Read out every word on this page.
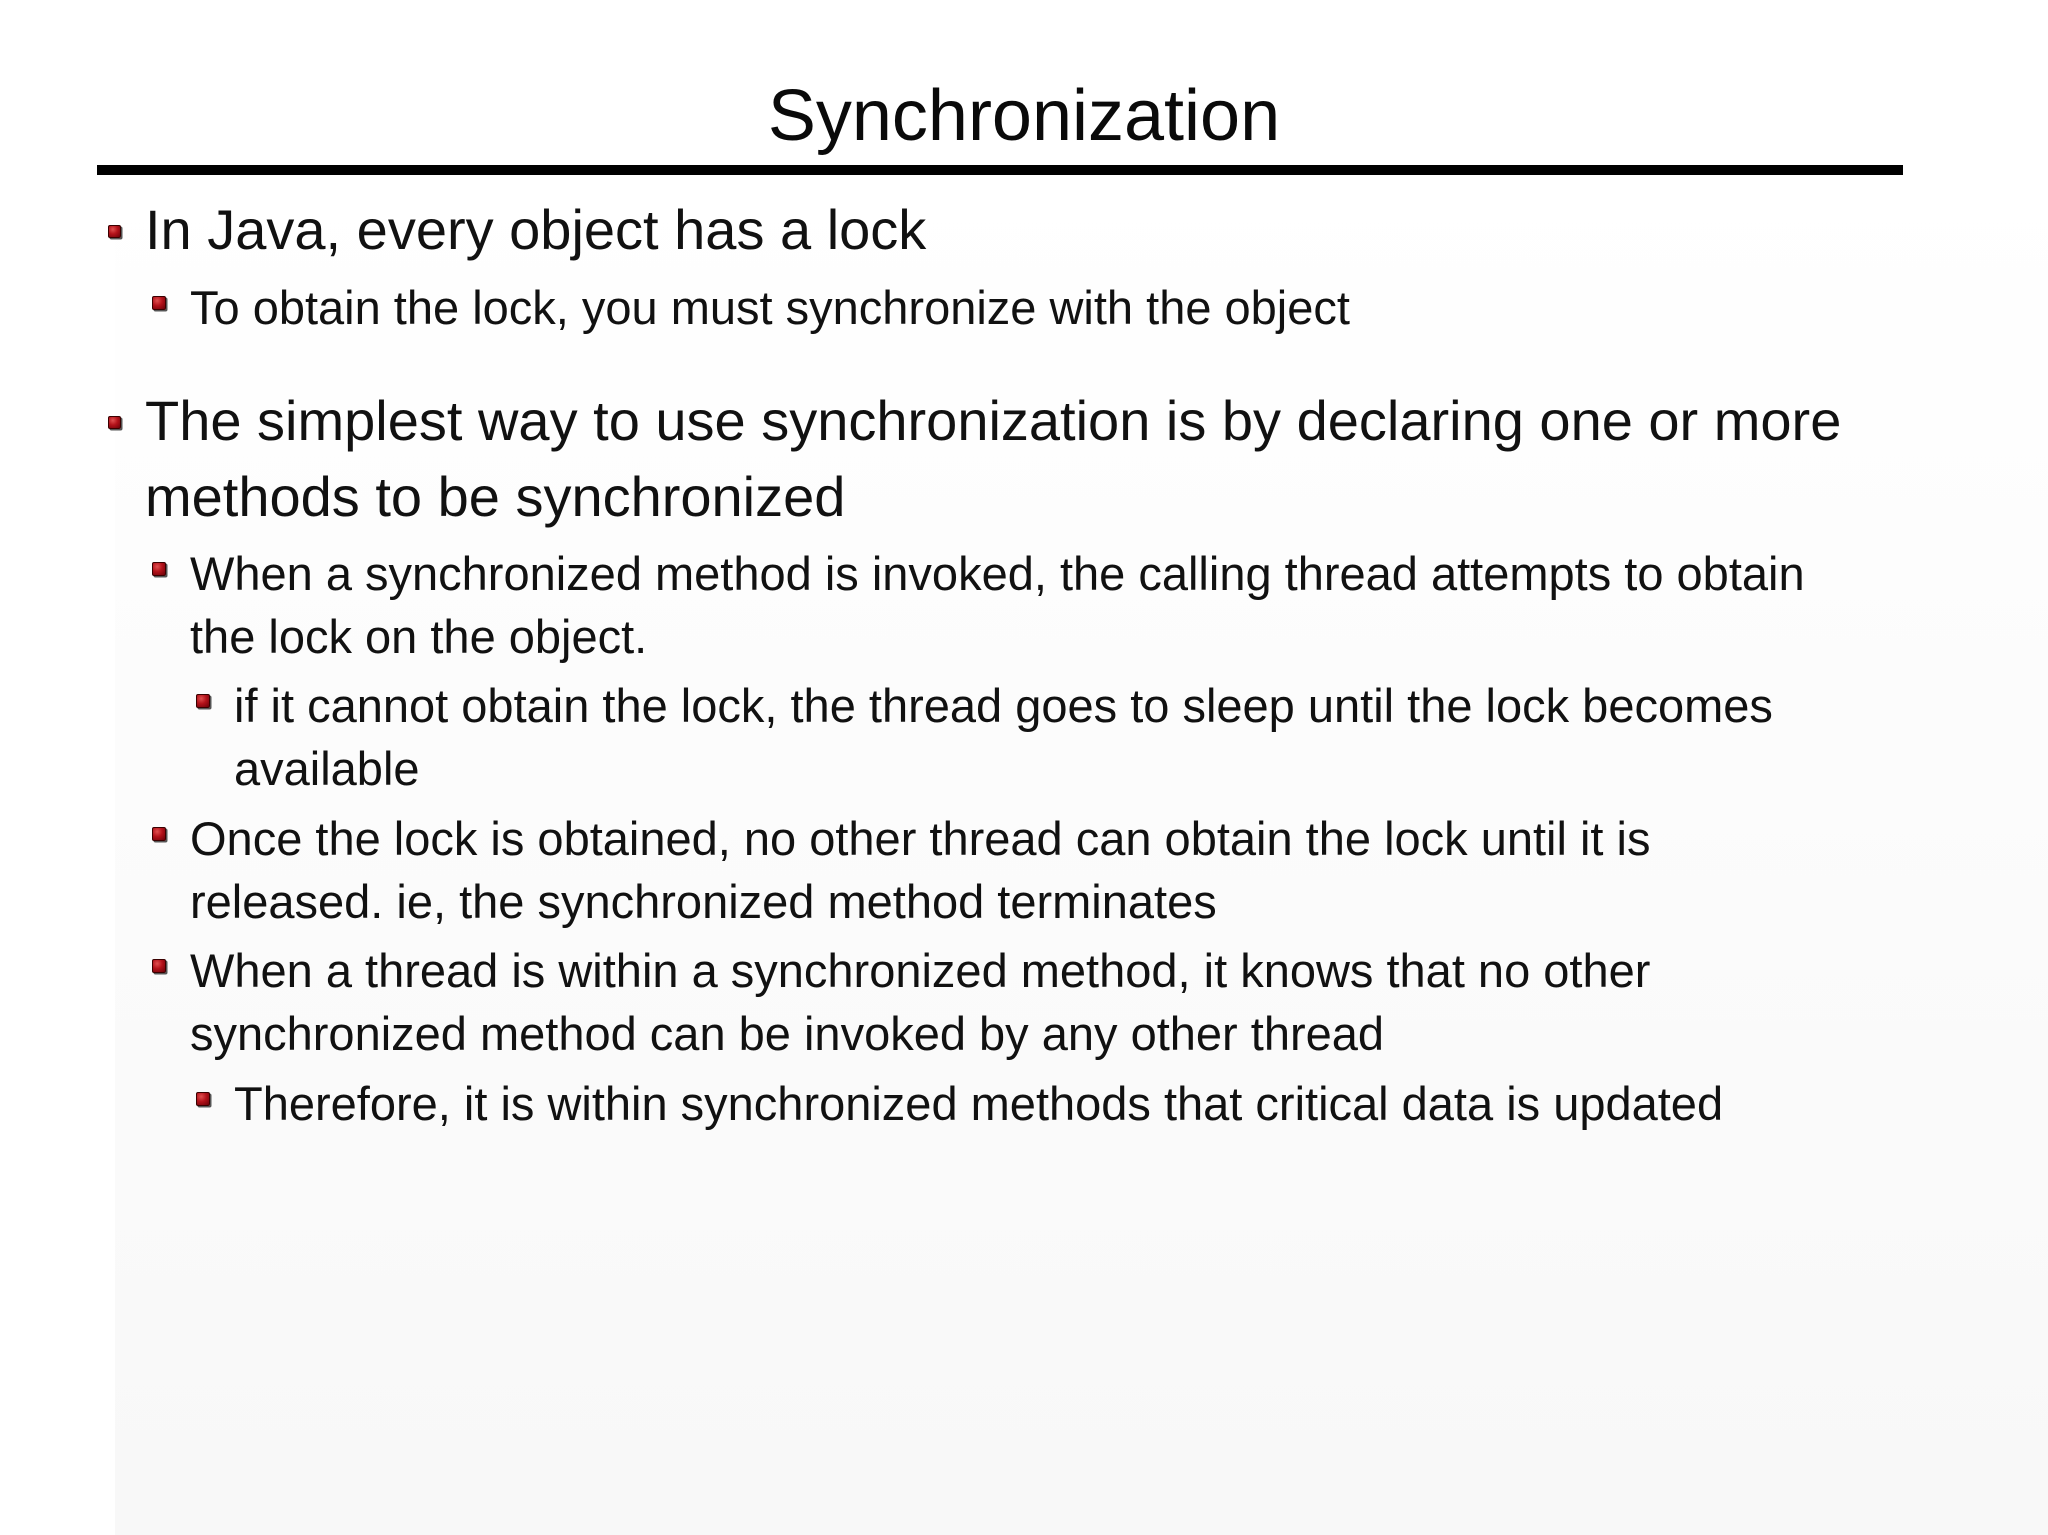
Synchronization
In Java, every object has a lock
To obtain the lock, you must synchronize with the object
The simplest way to use synchronization is by declaring one or more methods to be synchronized
When a synchronized method is invoked, the calling thread attempts to obtain the lock on the object.
if it cannot obtain the lock, the thread goes to sleep until the lock becomes available
Once the lock is obtained, no other thread can obtain the lock until it is released. ie, the synchronized method terminates
When a thread is within a synchronized method, it knows that no other synchronized method can be invoked by any other thread
Therefore, it is within synchronized methods that critical data is updated
